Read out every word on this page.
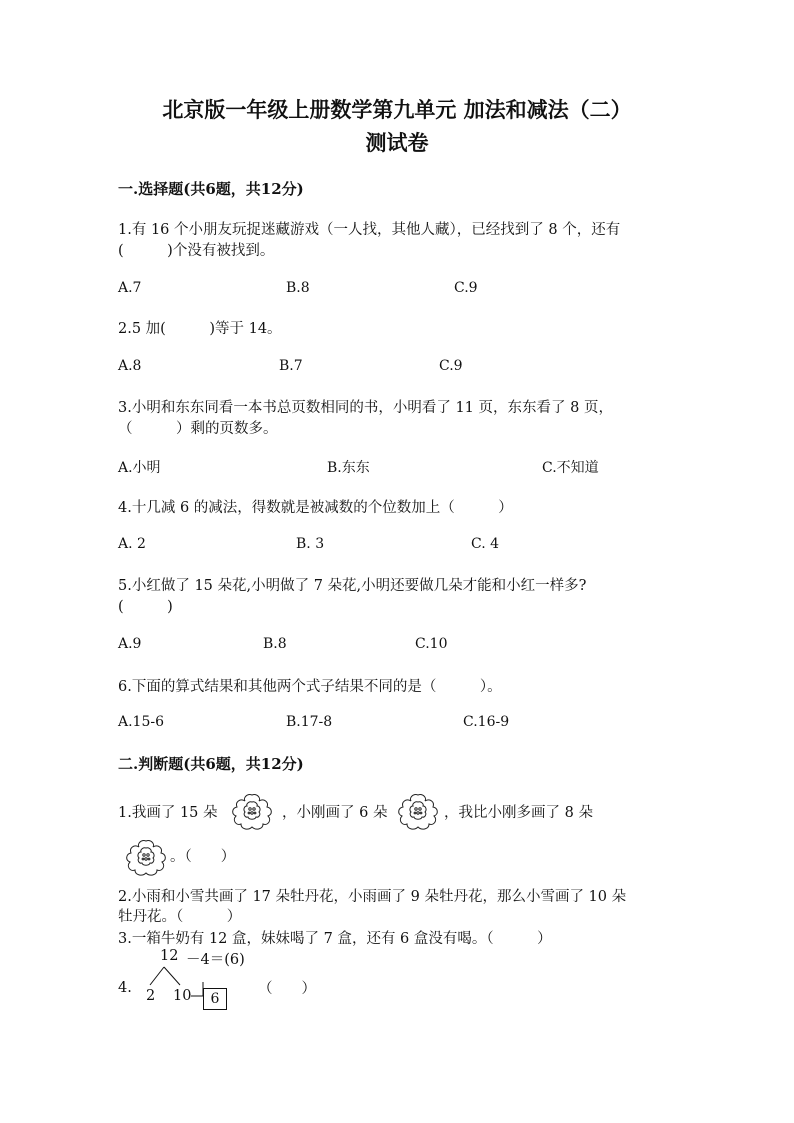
北京版一年级上册数学第九单元 加法和减法（二）
测试卷
一.选择题(共6题，共12分)
1.有 16 个小朋友玩捉迷藏游戏（一人找，其他人藏），已经找到了 8 个，还有
(　　　)个没有被找到。
A.7	B.8	C.9
2.5 加(　　　)等于 14。
A.8	B.7	C.9
3.小明和东东同看一本书总页数相同的书，小明看了 11 页，东东看了 8 页，
（　　　）剩的页数多。
A.小明	B.东东	C.不知道
4.十几减 6 的减法，得数就是被减数的个位数加上（　　　）
A. 2	B. 3	C. 4
5.小红做了 15 朵花,小明做了 7 朵花,小明还要做几朵才能和小红一样多?
(　　　)
A.9	B.8	C.10
6.下面的算式结果和其他两个式子结果不同的是（　　　）。
A.15-6	B.17-8	C.16-9
二.判断题(共6题，共12分)
1.我画了 15 朵	，小刚画了 6 朵	，我比小刚多画了 8 朵
。（　　）
2.小雨和小雪共画了 17 朵牡丹花，小雨画了 9 朵牡丹花，那么小雪画了 10 朵
牡丹花。（　　　）
3.一箱牛奶有 12 盒，妹妹喝了 7 盒，还有 6 盒没有喝。（　　　）
12 －4＝(6)
4. 2 10	6
（　　）
